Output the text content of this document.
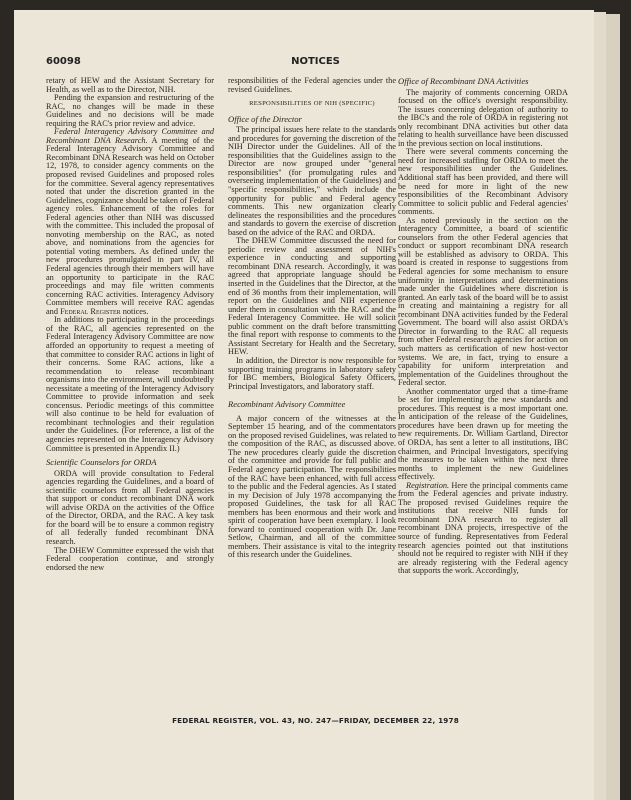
60098	NOTICES

retary of HEW and the Assistant Secretary for Health, as well as to the Director, NIH.

Pending the expansion and restructuring of the RAC, no changes will be made in these Guidelines and no decisions will be made requiring the RAC's prior review and advice.

Federal Interagency Advisory Committee and Recombinant DNA Research. A meeting of the Federal Interagency Advisory Committee and Recombinant DNA Research was held on October 12, 1978, to consider agency comments on the proposed revised Guidelines and proposed roles for the committee. Several agency representatives noted that under the discretion granted in the Guidelines, cognizance should be taken of Federal agency roles. Enhancement of the roles for Federal agencies other than NIH was discussed with the committee. This included the proposal of nonvoting membership on the RAC, as noted above, and nominations from the agencies for potential voting members. As defined under the new procedures promulgated in part IV, all Federal agencies through their members will have an opportunity to participate in the RAC proceedings and may file written comments concerning RAC activities. Interagency Advisory Committee members will receive RAC agendas and Federal Register notices.

In additions to participating in the proceedings of the RAC, all agencies represented on the Federal Interagency Advisory Committee are now afforded an opportunity to request a meeting of that committee to consider RAC actions in light of their concerns. Some RAC actions, like a recommendation to release recombinant organisms into the environment, will undoubtedly necessitate a meeting of the Interagency Advisory Committee to provide information and seek concensus. Periodic meetings of this committee will also continue to be held for evaluation of recombinant technologies and their regulation under the Guidelines. (For reference, a list of the agencies represented on the Interagency Advisory Committee is presented in Appendix II.)

Scientific Counselors for ORDA

ORDA will provide consultation to Federal agencies regarding the Guidelines, and a board of scientific counselors from all Federal agencies that support or conduct recombinant DNA work will advise ORDA on the activities of the Office of the Director, ORDA, and the RAC. A key task for the board will be to ensure a common registry of all federally funded recombinant DNA research.

The DHEW Committee expressed the wish that Federal cooperation continue, and strongly endorsed the new

responsibilities of the Federal agencies under the revised Guidelines.

RESPONSIBILITIES OF NIH (SPECIFIC)
Office of the Director

The principal issues here relate to the standards and procedures for governing the discretion of the NIH Director under the Guidelines. All of the responsibilities that the Guidelines assign to the Director are now grouped under "general responsibilities" (for promulgating rules and overseeing implementation of the Guidelines) and "specific responsibilities," which include the opportunity for public and Federal agency comments. This new organization clearly delineates the responsibilities and the procedures and standards to govern the exercise of discretion based on the advice of the RAC and ORDA.

The DHEW Committee discussed the need for periodic review and assessment of NIH's experience in conducting and supporting recombinant DNA research. Accordingly, it was agreed that appropriate language should be inserted in the Guidelines that the Director, at the end of 36 months from their implementation, will report on the Guidelines and NIH experience under them in consultation with the RAC and the Federal Interagency Committee. He will solicit public comment on the draft before transmitting the final report with response to comments to the Assistant Secretary for Health and the Secretary, HEW.

In addition, the Director is now responsible for supporting training programs in laboratory safety for IBC members, Biological Safety Officers, Principal Investigators, and laboratory staff.

Recombinant Advisory Committee

A major concern of the witnesses at the September 15 hearing, and of the commentators on the proposed revised Guidelines, was related to the composition of the RAC, as discussed above. The new procedures clearly guide the discretion of the committee and provide for full public and Federal agency participation. The responsibilities of the RAC have been enhanced, with full access to the public and the Federal agencies. As I stated in my Decision of July 1978 accompanying the proposed Guidelines, the task for all RAC members has been enormous and their work and spirit of cooperation have been exemplary. I look forward to continued cooperation with Dr. Jane Setlow, Chairman, and all of the committee members. Their assistance is vital to the integrity of this research under the Guidelines.

Office of Recombinant DNA Activities

The majority of comments concerning ORDA focused on the office's oversight responsibility. The issues concerning delegation of authority to the IBC's and the role of ORDA in registering not only recombinant DNA activities but other data relating to health surveillance have been discussed in the previous section on local institutions.

There were several comments concerning the need for increased staffing for ORDA to meet the new responsibilities under the Guidelines. Additional staff has been provided, and there will be need for more in light of the new responsibilities of the Recombinant Advisory Committee to solicit public and Federal agencies' comments.

As noted previously in the section on the Interagency Committee, a board of scientific counselors from the other Federal agencies that conduct or support recombinant DNA research will be established as advisory to ORDA. This board is created in response to suggestions from Federal agencies for some mechanism to ensure uniformity in interpretations and determinations made under the Guidelines where discretion is granted. An early task of the board will be to assist in creating and maintaining a registry for all recombinant DNA activities funded by the Federal Government. The board will also assist ORDA's Director in forwarding to the RAC all requests from other Federal research agencies for action on such matters as certification of new host-vector systems. We are, in fact, trying to ensure a capability for uniform interpretation and implementation of the Guidelines throughout the Federal sector.

Another commentator urged that a time-frame be set for implementing the new standards and procedures. This request is a most important one. In anticipation of the release of the Guidelines, procedures have been drawn up for meeting the new requirements. Dr. William Gartland, Director of ORDA, has sent a letter to all institutions, IBC chairmen, and Principal Investigators, specifying the measures to be taken within the next three months to implement the new Guidelines effectively.

Registration. Here the principal comments came from the Federal agencies and private industry. The proposed revised Guidelines require the institutions that receive NIH funds for recombinant DNA research to register all recombinant DNA projects, irrespective of the source of funding. Representatives from Federal research agencies pointed out that institutions should not be required to register with NIH if they are already registering with the Federal agency that supports the work. Accordingly,

FEDERAL REGISTER, VOL. 43, NO. 247—FRIDAY, DECEMBER 22, 1978
